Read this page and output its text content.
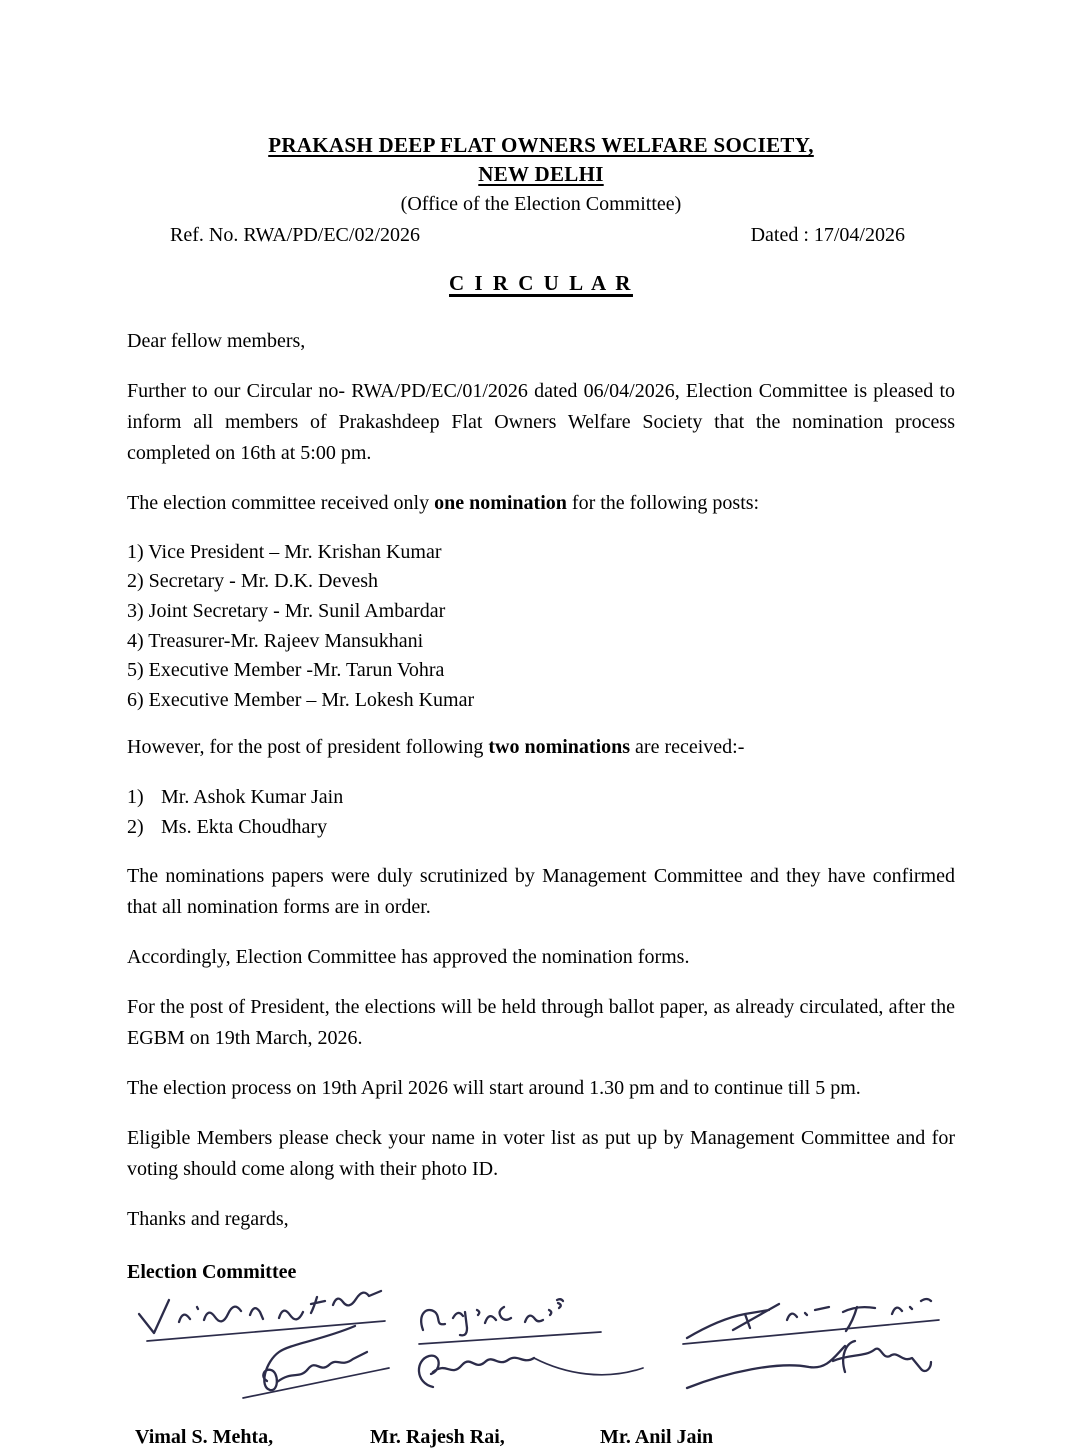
PRAKASH DEEP FLAT OWNERS WELFARE SOCIETY,
NEW DELHI
(Office of the Election Committee)
Ref. No. RWA/PD/EC/02/2026	Dated : 17/04/2026
C I R C U L A R

Dear fellow members,

Further to our Circular no- RWA/PD/EC/01/2026 dated 06/04/2026, Election Committee is pleased to inform all members of Prakashdeep Flat Owners Welfare Society that the nomination process completed on 16th at 5:00 pm.

The election committee received only one nomination for the following posts:

1) Vice President – Mr. Krishan Kumar
2) Secretary - Mr. D.K. Devesh
3) Joint Secretary - Mr. Sunil Ambardar
4) Treasurer-Mr. Rajeev Mansukhani
5) Executive Member -Mr. Tarun Vohra
6) Executive Member – Mr. Lokesh Kumar

However, for the post of president following two nominations are received:-

1) Mr. Ashok Kumar Jain
2) Ms. Ekta Choudhary

The nominations papers were duly scrutinized by Management Committee and they have confirmed that all nomination forms are in order.

Accordingly, Election Committee has approved the nomination forms.

For the post of President, the elections will be held through ballot paper, as already circulated, after the EGBM on 19th March, 2026.

The election process on 19th April 2026 will start around 1.30 pm and to continue till 5 pm.

Eligible Members please check your name in voter list as put up by Management Committee and for voting should come along with their photo ID.

Thanks and regards,

Election Committee

Vimal S. Mehta,	Mr. Rajesh Rai,	Mr. Anil Jain
